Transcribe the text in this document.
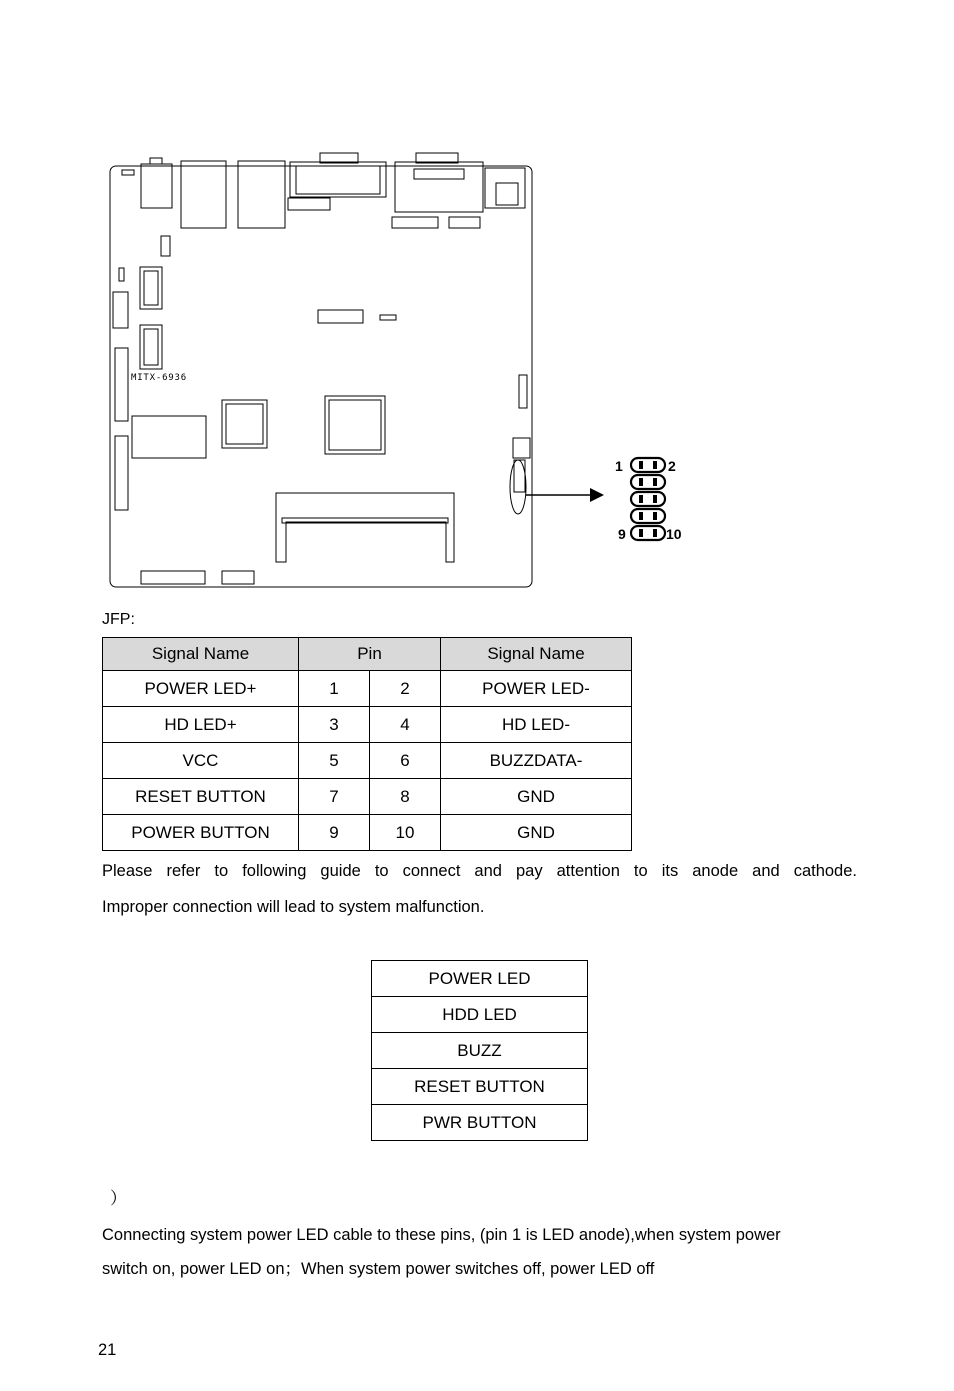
MITX-6936
1	2
9	10
JFP:
Signal Name	Pin		Signal Name
POWER LED+	1	2	POWER LED-
HD LED+	3	4	HD LED-
VCC	5	6	BUZZDATA-
RESET BUTTON	7	8	GND
POWER BUTTON	9	10	GND
Please refer to following guide to connect and pay attention to its anode and cathode.
Improper connection will lead to system malfunction.
POWER LED
HDD LED
BUZZ
RESET BUTTON
PWR BUTTON
）
Connecting system power LED cable to these pins, (pin 1 is LED anode),when system power
switch on, power LED on；When system power switches off, power LED off
21
